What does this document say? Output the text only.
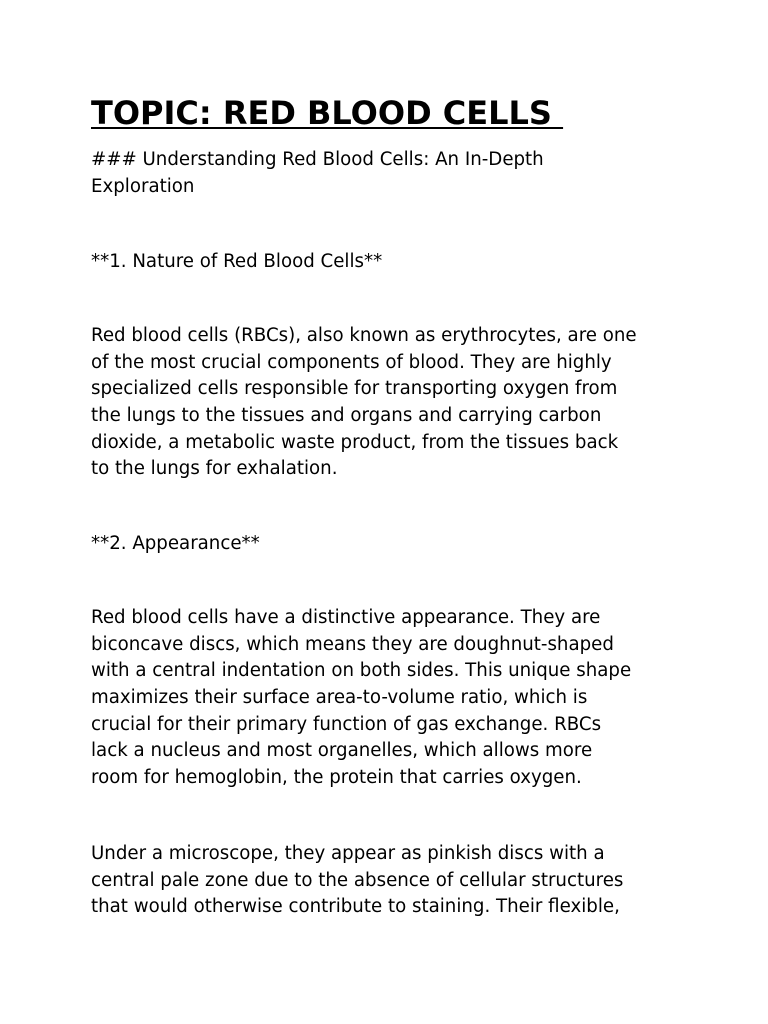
TOPIC: RED BLOOD CELLS
### Understanding Red Blood Cells: An In-Depth
Exploration
**1. Nature of Red Blood Cells**
Red blood cells (RBCs), also known as erythrocytes, are one
of the most crucial components of blood. They are highly
specialized cells responsible for transporting oxygen from
the lungs to the tissues and organs and carrying carbon
dioxide, a metabolic waste product, from the tissues back
to the lungs for exhalation.
**2. Appearance**
Red blood cells have a distinctive appearance. They are
biconcave discs, which means they are doughnut-shaped
with a central indentation on both sides. This unique shape
maximizes their surface area-to-volume ratio, which is
crucial for their primary function of gas exchange. RBCs
lack a nucleus and most organelles, which allows more
room for hemoglobin, the protein that carries oxygen.
Under a microscope, they appear as pinkish discs with a
central pale zone due to the absence of cellular structures
that would otherwise contribute to staining. Their flexible,
